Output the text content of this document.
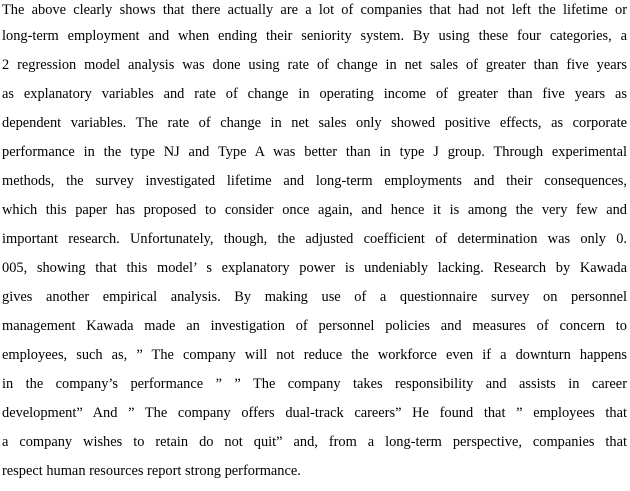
The above clearly shows that there actually are a lot of companies that had not left the lifetime or
long-term employment and when ending their seniority system. By using these four categories, a
2 regression model analysis was done using rate of change in net sales of greater than five years
as explanatory variables and rate of change in operating income of greater than five years as
dependent variables. The rate of change in net sales only showed positive effects, as corporate
performance in the type NJ and Type A was better than in type J group. Through experimental
methods, the survey investigated lifetime and long-term employments and their consequences,
which this paper has proposed to consider once again, and hence it is among the very few and
important research. Unfortunately, though, the adjusted coefficient of determination was only 0.
005, showing that this model’ s explanatory power is undeniably lacking. Research by Kawada
gives another empirical analysis. By making use of a questionnaire survey on personnel
management Kawada made an investigation of personnel policies and measures of concern to
employees, such as, ” The company will not reduce the workforce even if a downturn happens
in the company’s performance ” ” The company takes responsibility and assists in career
development” And ” The company offers dual-track careers” He found that ” employees that
a company wishes to retain do not quit” and, from a long-term perspective, companies that
respect human resources report strong performance.
